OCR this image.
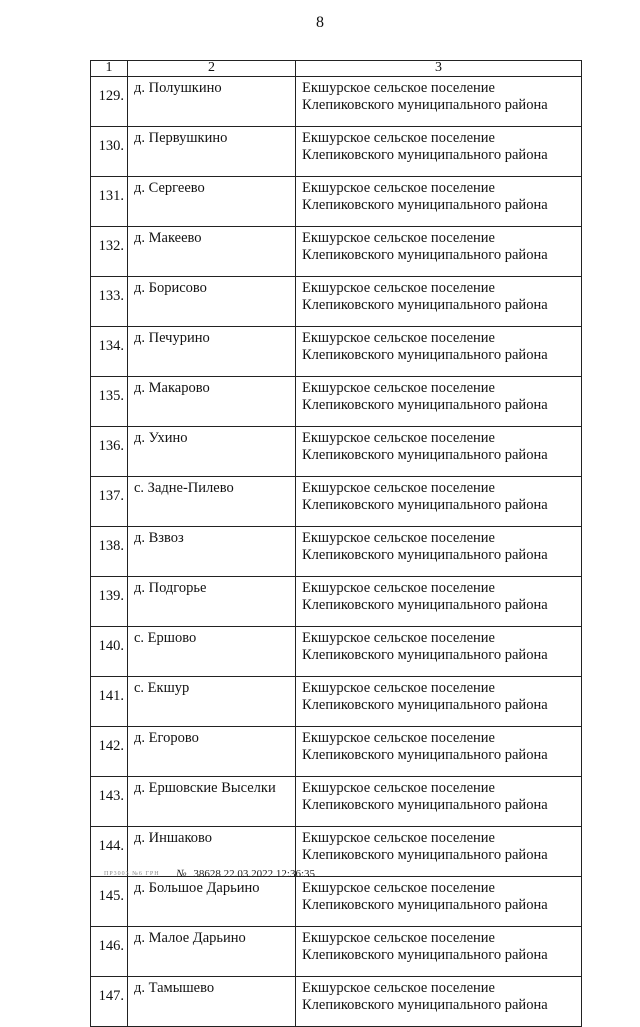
8
1	2	3
129.	д. Полушкино	Екшурское сельское поселение
Клепиковского муниципального района

130.	д. Первушкино	Екшурское сельское поселение
Клепиковского муниципального района

131.	д. Сергеево	Екшурское сельское поселение
Клепиковского муниципального района

132.	д. Макеево	Екшурское сельское поселение
Клепиковского муниципального района

133.	д. Борисово	Екшурское сельское поселение
Клепиковского муниципального района

134.	д. Печурино	Екшурское сельское поселение
Клепиковского муниципального района

135.	д. Макарово	Екшурское сельское поселение
Клепиковского муниципального района

136.	д. Ухино	Екшурское сельское поселение
Клепиковского муниципального района

137.	с. Задне-Пилево	Екшурское сельское поселение
Клепиковского муниципального района

138.	д. Взвоз	Екшурское сельское поселение
Клепиковского муниципального района

139.	д. Подгорье	Екшурское сельское поселение
Клепиковского муниципального района

140.	с. Ершово	Екшурское сельское поселение
Клепиковского муниципального района

141.	с. Екшур	Екшурское сельское поселение
Клепиковского муниципального района

142.	д. Егорово	Екшурское сельское поселение
Клепиковского муниципального района

143.	д. Ершовские Выселки	Екшурское сельское поселение
Клепиковского муниципального района

144.	д. Иншаково	Екшурское сельское поселение
Клепиковского муниципального района

145.	д. Большое Дарьино	Екшурское сельское поселение
Клепиковского муниципального района

146.	д. Малое Дарьино	Екшурское сельское поселение
Клепиковского муниципального района

147.	д. Тамышево	Екшурское сельское поселение
Клепиковского муниципального района
ПР3003 №6 ГРН № 38628 22.03.2022 12:36:35
